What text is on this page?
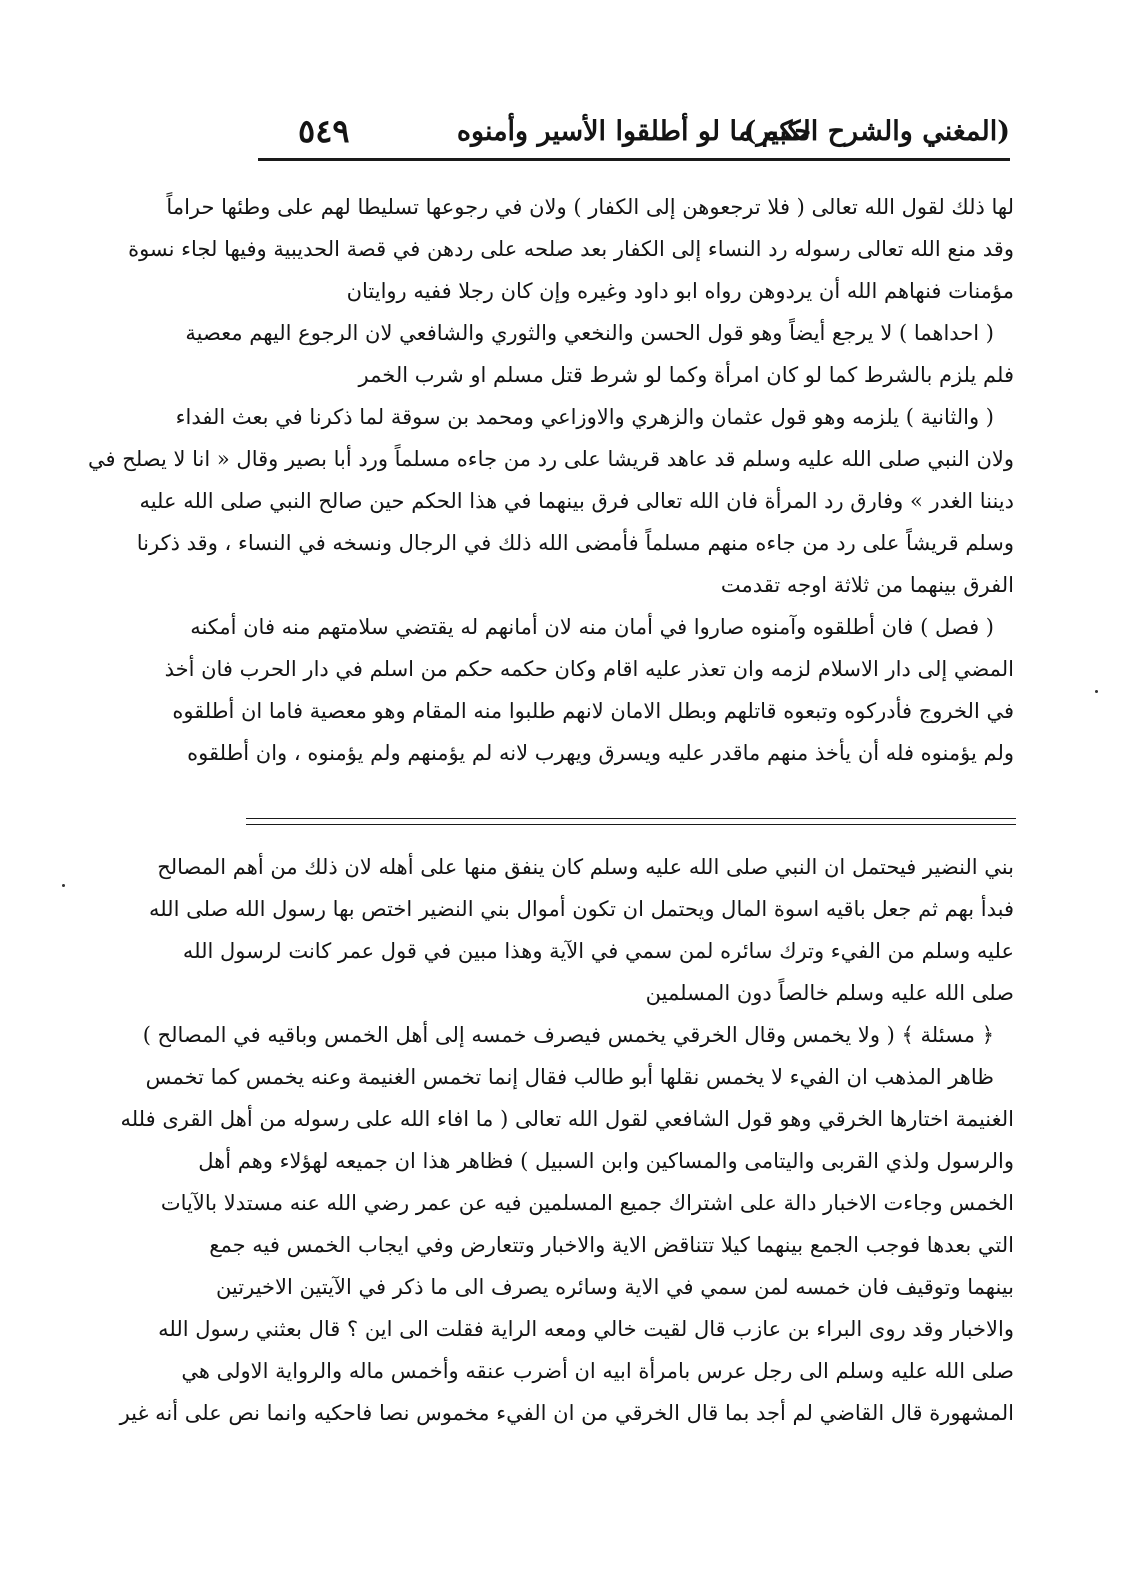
(المغني والشرح الكبير)
حكم ما لو أطلقوا الأسير وأمنوه
٥٤٩
لها ذلك لقول الله تعالى ( فلا ترجعوهن إلى الكفار ) ولان في رجوعها تسليطا لهم على وطئها حراماً
وقد منع الله تعالى رسوله رد النساء إلى الكفار بعد صلحه على ردهن في قصة الحديبية وفيها لجاء نسوة
مؤمنات فنهاهم الله أن يردوهن رواه ابو داود وغيره وإن كان رجلا ففيه روايتان
( احداهما ) لا يرجع أيضاً وهو قول الحسن والنخعي والثوري والشافعي لان الرجوع اليهم معصية
فلم يلزم بالشرط كما لو كان امرأة وكما لو شرط قتل مسلم او شرب الخمر
( والثانية ) يلزمه وهو قول عثمان والزهري والاوزاعي ومحمد بن سوقة لما ذكرنا في بعث الفداء
ولان النبي صلى الله عليه وسلم قد عاهد قريشا على رد من جاءه مسلماً ورد أبا بصير وقال « انا لا يصلح في
ديننا الغدر » وفارق رد المرأة فان الله تعالى فرق بينهما في هذا الحكم حين صالح النبي صلى الله عليه
وسلم قريشاً على رد من جاءه منهم مسلماً فأمضى الله ذلك في الرجال ونسخه في النساء ، وقد ذكرنا
الفرق بينهما من ثلاثة اوجه تقدمت
( فصل ) فان أطلقوه وآمنوه صاروا في أمان منه لان أمانهم له يقتضي سلامتهم منه فان أمكنه
المضي إلى دار الاسلام لزمه وان تعذر عليه اقام وكان حكمه حكم من اسلم في دار الحرب فان أخذ
في الخروج فأدركوه وتبعوه قاتلهم وبطل الامان لانهم طلبوا منه المقام وهو معصية فاما ان أطلقوه
ولم يؤمنوه فله أن يأخذ منهم ماقدر عليه ويسرق ويهرب لانه لم يؤمنهم ولم يؤمنوه ، وان أطلقوه
بني النضير فيحتمل ان النبي صلى الله عليه وسلم كان ينفق منها على أهله لان ذلك من أهم المصالح
فبدأ بهم ثم جعل باقيه اسوة المال ويحتمل ان تكون أموال بني النضير اختص بها رسول الله صلى الله
عليه وسلم من الفيء وترك سائره لمن سمي في الآية وهذا مبين في قول عمر كانت لرسول الله
صلى الله عليه وسلم خالصاً دون المسلمين
﴿ مسئلة ﴾ ( ولا يخمس وقال الخرقي يخمس فيصرف خمسه إلى أهل الخمس وباقيه في المصالح )
ظاهر المذهب ان الفيء لا يخمس نقلها أبو طالب فقال إنما تخمس الغنيمة وعنه يخمس كما تخمس
الغنيمة اختارها الخرقي وهو قول الشافعي لقول الله تعالى ( ما افاء الله على رسوله من أهل القرى فلله
والرسول ولذي القربى واليتامى والمساكين وابن السبيل ) فظاهر هذا ان جميعه لهؤلاء وهم أهل
الخمس وجاءت الاخبار دالة على اشتراك جميع المسلمين فيه عن عمر رضي الله عنه مستدلا بالآيات
التي بعدها فوجب الجمع بينهما كيلا تتناقض الاية والاخبار وتتعارض وفي ايجاب الخمس فيه جمع
بينهما وتوقيف فان خمسه لمن سمي في الاية وسائره يصرف الى ما ذكر في الآيتين الاخيرتين
والاخبار وقد روى البراء بن عازب قال لقيت خالي ومعه الراية فقلت الى اين ؟ قال بعثني رسول الله
صلى الله عليه وسلم الى رجل عرس بامرأة ابيه ان أضرب عنقه وأخمس ماله والرواية الاولى هي
المشهورة قال القاضي لم أجد بما قال الخرقي من ان الفيء مخموس نصا فاحكيه وانما نص على أنه غير
